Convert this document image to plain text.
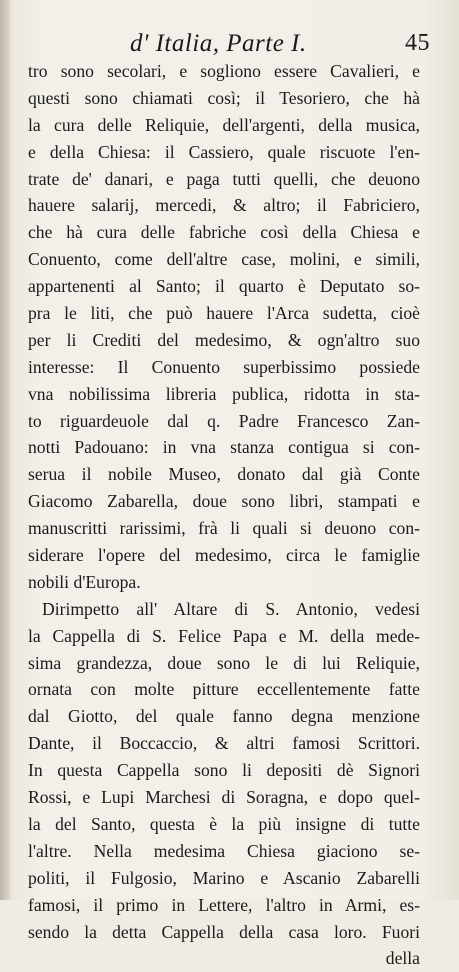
d' Italia, Parte I.	45
tro sono secolari, e sogliono essere Cavalieri, e
questi sono chiamati così; il Tesoriero, che hà
la cura delle Reliquie, dell'argenti, della musica,
e della Chiesa: il Cassiero, quale riscuote l'en-
trate de' danari, e paga tutti quelli, che deuono
hauere salarij, mercedi, & altro; il Fabriciero,
che hà cura delle fabriche così della Chiesa e
Conuento, come dell'altre case, molini, e simili,
appartenenti al Santo; il quarto è Deputato so-
pra le liti, che può hauere l'Arca sudetta, cioè
per li Crediti del medesimo, & ogn'altro suo
interesse: Il Conuento superbissimo possiede
vna nobilissima libreria publica, ridotta in sta-
to riguardeuole dal q. Padre Francesco Zan-
notti Padouano: in vna stanza contigua si con-
serua il nobile Museo, donato dal già Conte
Giacomo Zabarella, doue sono libri, stampati e
manuscritti rarissimi, frà li quali si deuono con-
siderare l'opere del medesimo, circa le famiglie
nobili d'Europa.
Dirimpetto all' Altare di S. Antonio, vedesi
la Cappella di S. Felice Papa e M. della mede-
sima grandezza, doue sono le di lui Reliquie,
ornata con molte pitture eccellentemente fatte
dal Giotto, del quale fanno degna menzione
Dante, il Boccaccio, & altri famosi Scrittori.
In questa Cappella sono li depositi dè Signori
Rossi, e Lupi Marchesi di Soragna, e dopo quel-
la del Santo, questa è la più insigne di tutte
l'altre. Nella medesima Chiesa giaciono se-
politi, il Fulgosio, Marino e Ascanio Zabarelli
famosi, il primo in Lettere, l'altro in Armi, es-
sendo la detta Cappella della casa loro. Fuori
della
